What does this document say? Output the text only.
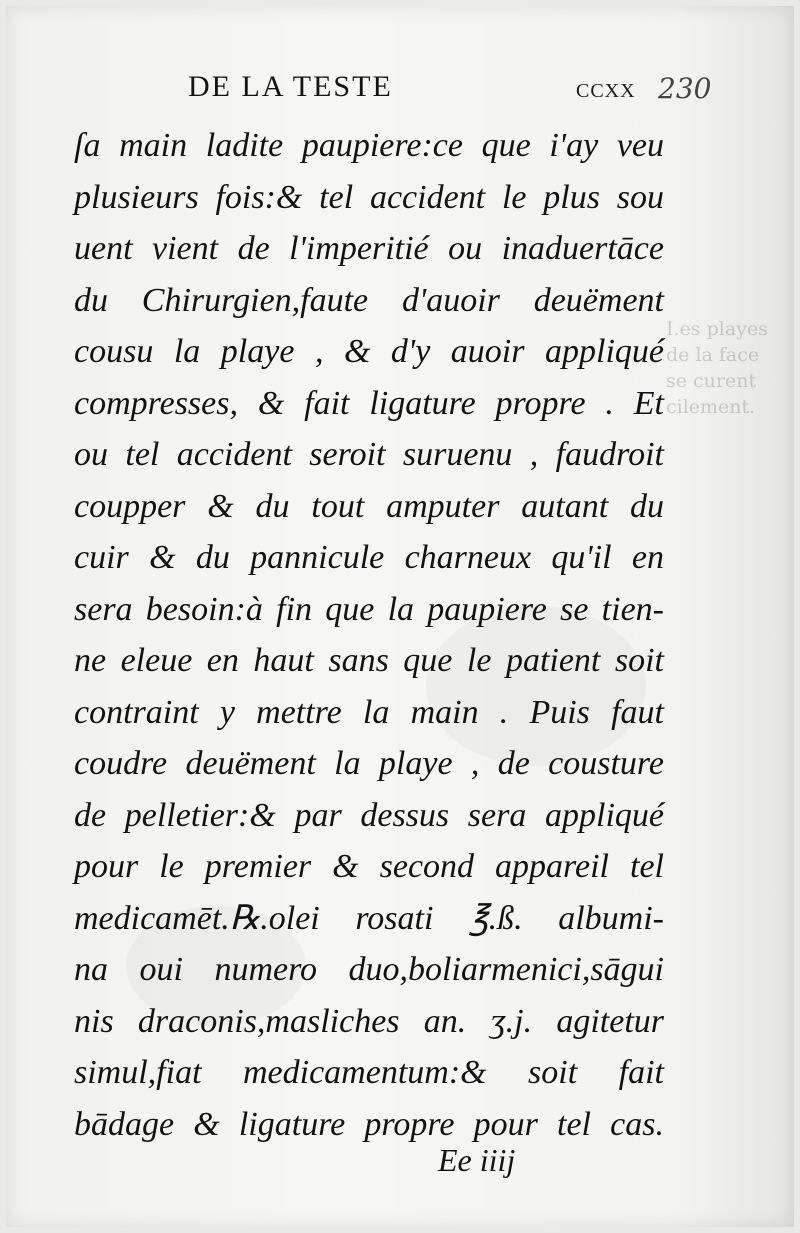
I.es playes
de la face
se curent
cilement.
DE LA TESTE	CCXX 230
ſa main ladite paupiere:ce que i'ay veu
plusieurs fois:& tel accident le plus sou
uent vient de l'imperitié ou inaduertāce
du Chirurgien,faute d'auoir deuëment
cousu la playe , & d'y auoir appliqué
compresses, & fait ligature propre . Et
ou tel accident seroit suruenu , faudroit
coupper & du tout amputer autant du
cuir & du pannicule charneux qu'il en
sera besoin:à fin que la paupiere se tien-
ne eleue en haut sans que le patient soit
contraint y mettre la main . Puis faut
coudre deuëment la playe , de cousture
de pelletier:& par dessus sera appliqué
pour le premier & second appareil tel
medicamēt.℞.olei rosati ℥.ß. albumi-
na oui numero duo,boliarmenici,sāgui
nis draconis,masliches an. ʒ.j. agitetur
simul,fiat medicamentum:& soit fait
bādage & ligature propre pour tel cas.
Ee iiij
